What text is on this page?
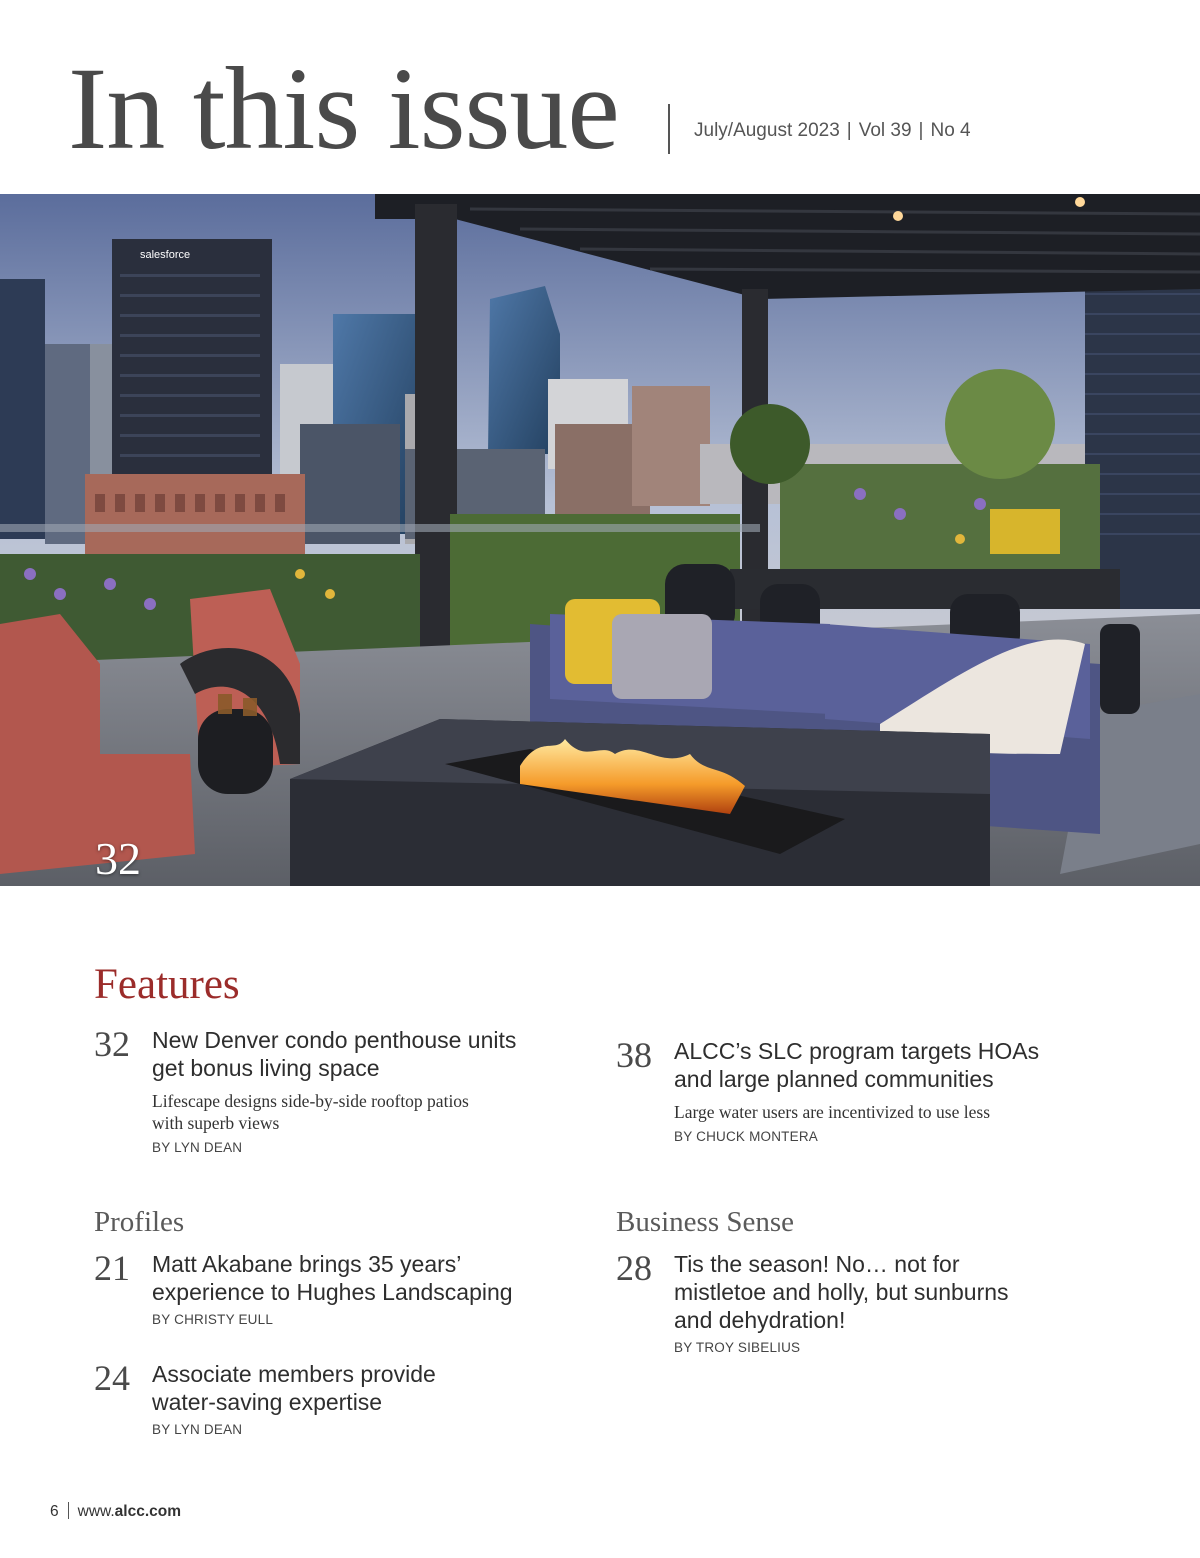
In this issue	July/August 2023 | Vol 39 | No 4
salesforce
32
Features
32 New Denver condo penthouse units
get bonus living space
Lifescape designs side-by-side rooftop patios
with superb views
BY LYN DEAN
38 ALCC’s SLC program targets HOAs
and large planned communities
Large water users are incentivized to use less
BY CHUCK MONTERA
Profiles
21 Matt Akabane brings 35 years’
experience to Hughes Landscaping
BY CHRISTY EULL
24 Associate members provide
water-saving expertise
BY LYN DEAN
Business Sense
28 Tis the season! No… not for
mistletoe and holly, but sunburns
and dehydration!
BY TROY SIBELIUS
6 www.alcc.com
